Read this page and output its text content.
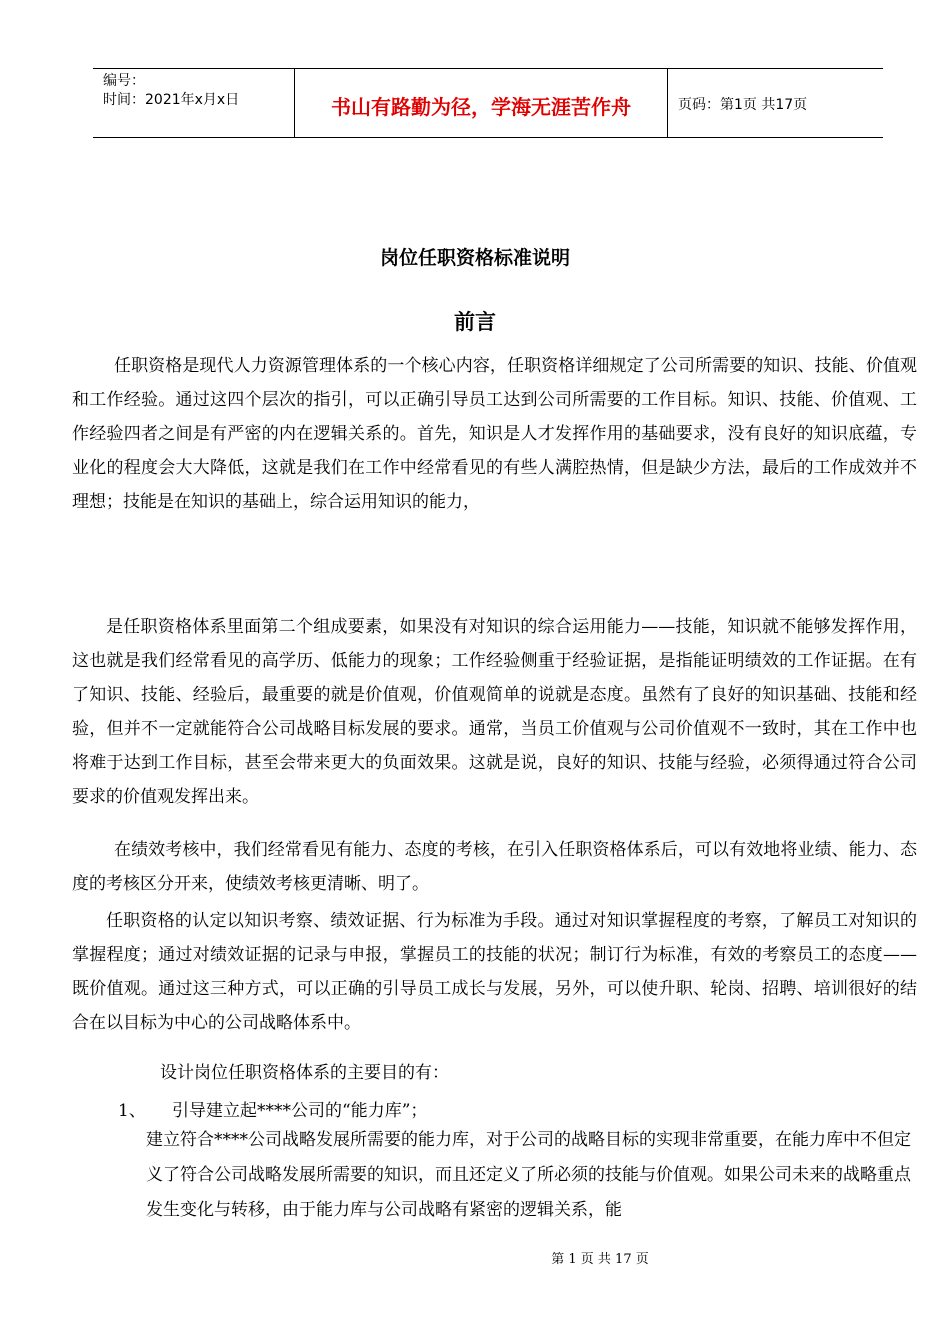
编号：
时间：2021年x月x日	书山有路勤为径，学海无涯苦作舟	页码：第1页 共17页
岗位任职资格标准说明
前言
任职资格是现代人力资源管理体系的一个核心内容，任职资格详细规定了公司所需要的知识、技能、价值观和工作经验。通过这四个层次的指引，可以正确引导员工达到公司所需要的工作目标。知识、技能、价值观、工作经验四者之间是有严密的内在逻辑关系的。首先，知识是人才发挥作用的基础要求，没有良好的知识底蕴，专业化的程度会大大降低，这就是我们在工作中经常看见的有些人满腔热情，但是缺少方法，最后的工作成效并不理想；技能是在知识的基础上，综合运用知识的能力，
是任职资格体系里面第二个组成要素，如果没有对知识的综合运用能力——技能，知识就不能够发挥作用，这也就是我们经常看见的高学历、低能力的现象；工作经验侧重于经验证据，是指能证明绩效的工作证据。在有了知识、技能、经验后，最重要的就是价值观，价值观简单的说就是态度。虽然有了良好的知识基础、技能和经验，但并不一定就能符合公司战略目标发展的要求。通常，当员工价值观与公司价值观不一致时，其在工作中也将难于达到工作目标，甚至会带来更大的负面效果。这就是说，良好的知识、技能与经验，必须得通过符合公司要求的价值观发挥出来。
在绩效考核中，我们经常看见有能力、态度的考核，在引入任职资格体系后，可以有效地将业绩、能力、态度的考核区分开来，使绩效考核更清晰、明了。
任职资格的认定以知识考察、绩效证据、行为标准为手段。通过对知识掌握程度的考察，了解员工对知识的掌握程度；通过对绩效证据的记录与申报，掌握员工的技能的状况；制订行为标准，有效的考察员工的态度——既价值观。通过这三种方式，可以正确的引导员工成长与发展，另外，可以使升职、轮岗、招聘、培训很好的结合在以目标为中心的公司战略体系中。
设计岗位任职资格体系的主要目的有：
1、 引导建立起****公司的“能力库”；
建立符合****公司战略发展所需要的能力库，对于公司的战略目标的实现非常重要，在能力库中不但定义了符合公司战略发展所需要的知识，而且还定义了所必须的技能与价值观。如果公司未来的战略重点发生变化与转移，由于能力库与公司战略有紧密的逻辑关系，能
第 1 页 共 17 页
